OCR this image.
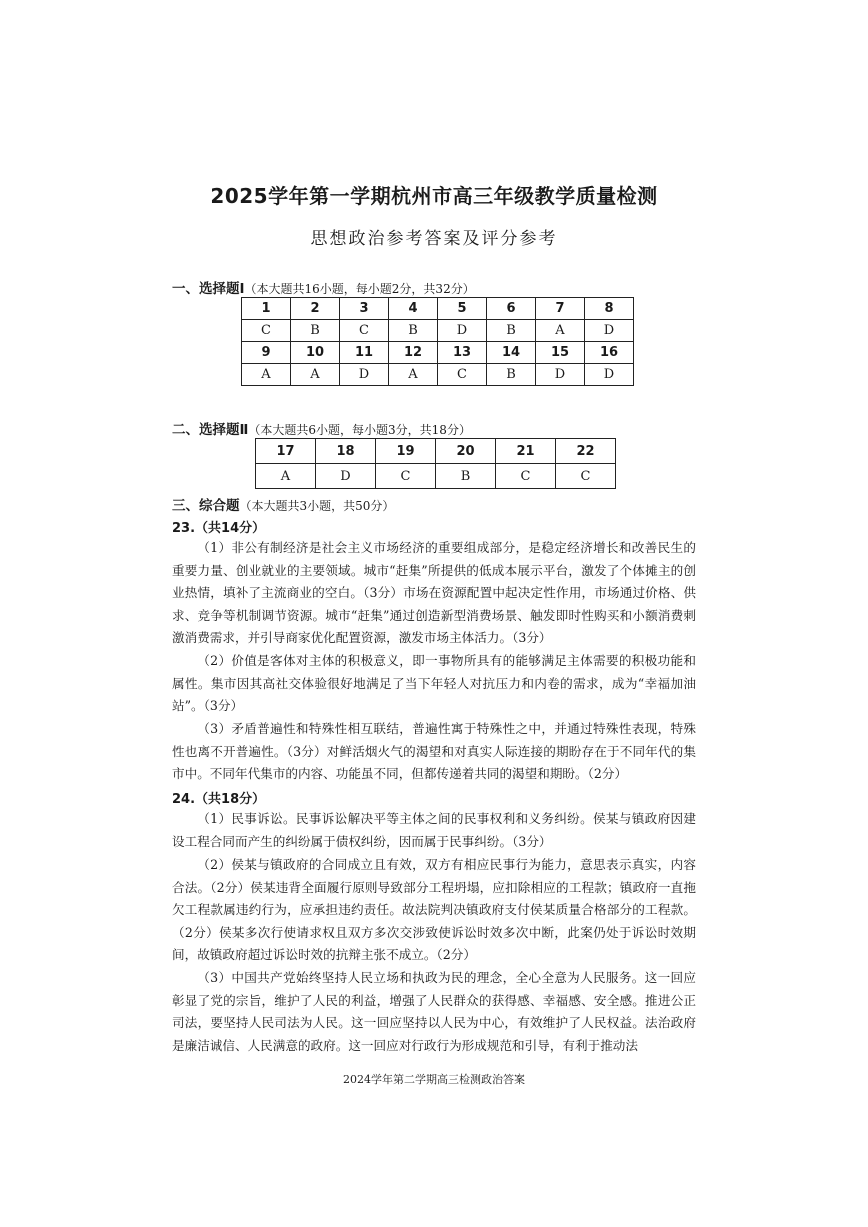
2025学年第一学期杭州市高三年级教学质量检测
思想政治参考答案及评分参考
一、选择题Ⅰ（本大题共16小题，每小题2分，共32分）
1	2	3	4	5	6	7	8
C	B	C	B	D	B	A	D
9	10	11	12	13	14	15	16
A	A	D	A	C	B	D	D
二、选择题Ⅱ（本大题共6小题，每小题3分，共18分）
17	18	19	20	21	22
A	D	C	B	C	C
三、综合题（本大题共3小题，共50分）
23.（共14分）
（1）非公有制经济是社会主义市场经济的重要组成部分，是稳定经济增长和改善民生的重要力量、创业就业的主要领域。城市“赶集”所提供的低成本展示平台，激发了个体摊主的创业热情，填补了主流商业的空白。（3分）市场在资源配置中起决定性作用，市场通过价格、供求、竞争等机制调节资源。城市“赶集”通过创造新型消费场景、触发即时性购买和小额消费刺激消费需求，并引导商家优化配置资源，激发市场主体活力。（3分）
（2）价值是客体对主体的积极意义，即一事物所具有的能够满足主体需要的积极功能和属性。集市因其高社交体验很好地满足了当下年轻人对抗压力和内卷的需求，成为“幸福加油站”。（3分）
（3）矛盾普遍性和特殊性相互联结，普遍性寓于特殊性之中，并通过特殊性表现，特殊性也离不开普遍性。（3分）对鲜活烟火气的渴望和对真实人际连接的期盼存在于不同年代的集市中。不同年代集市的内容、功能虽不同，但都传递着共同的渴望和期盼。（2分）
24.（共18分）
（1）民事诉讼。民事诉讼解决平等主体之间的民事权利和义务纠纷。侯某与镇政府因建设工程合同而产生的纠纷属于债权纠纷，因而属于民事纠纷。（3分）
（2）侯某与镇政府的合同成立且有效，双方有相应民事行为能力，意思表示真实，内容合法。（2分）侯某违背全面履行原则导致部分工程坍塌，应扣除相应的工程款；镇政府一直拖欠工程款属违约行为，应承担违约责任。故法院判决镇政府支付侯某质量合格部分的工程款。（2分）侯某多次行使请求权且双方多次交涉致使诉讼时效多次中断，此案仍处于诉讼时效期间，故镇政府超过诉讼时效的抗辩主张不成立。（2分）
（3）中国共产党始终坚持人民立场和执政为民的理念，全心全意为人民服务。这一回应彰显了党的宗旨，维护了人民的利益，增强了人民群众的获得感、幸福感、安全感。推进公正司法，要坚持人民司法为人民。这一回应坚持以人民为中心，有效维护了人民权益。法治政府是廉洁诚信、人民满意的政府。这一回应对行政行为形成规范和引导，有利于推动法
2024学年第二学期高三检测政治答案
